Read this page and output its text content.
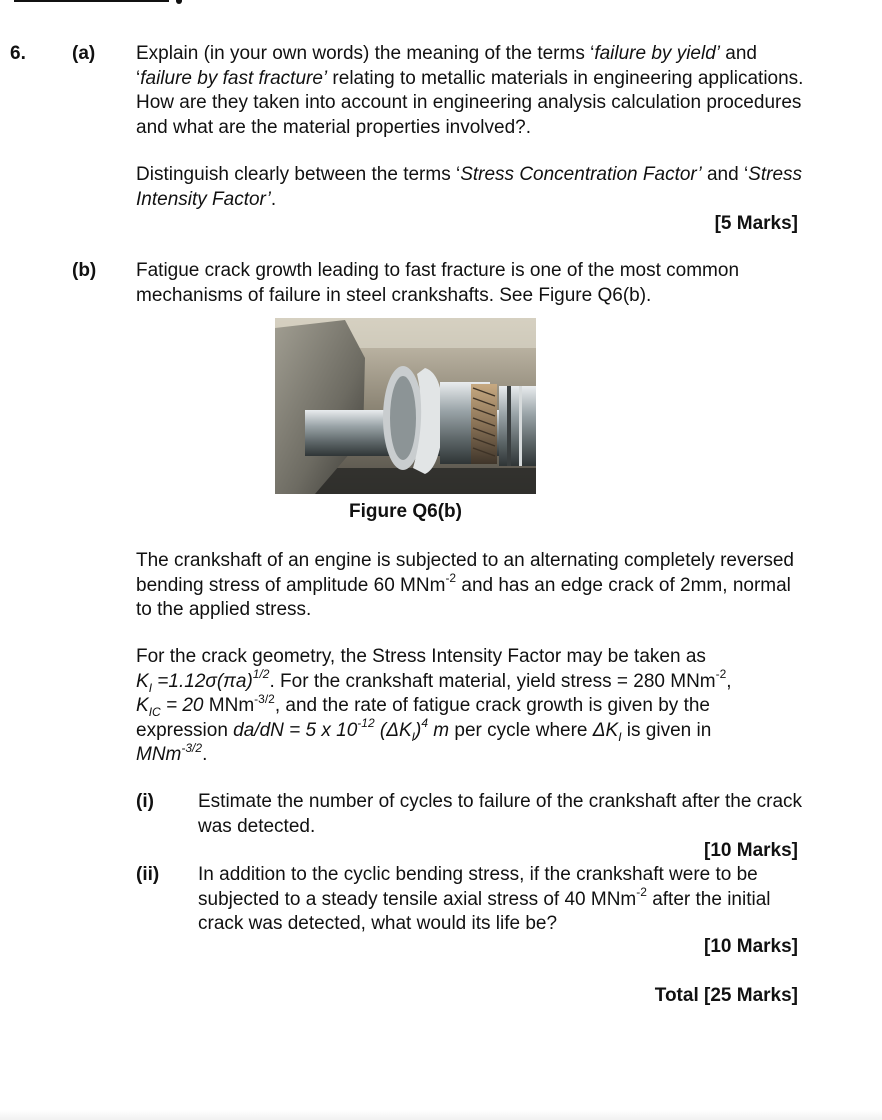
6. (a) Explain (in your own words) the meaning of the terms ‘failure by yield’ and ‘failure by fast fracture’ relating to metallic materials in engineering applications. How are they taken into account in engineering analysis calculation procedures and what are the material properties involved?.

Distinguish clearly between the terms ‘Stress Concentration Factor’ and ‘Stress Intensity Factor’.

[5 Marks]
(b) Fatigue crack growth leading to fast fracture is one of the most common mechanisms of failure in steel crankshafts. See Figure Q6(b).
Figure Q6(b)

The crankshaft of an engine is subjected to an alternating completely reversed bending stress of amplitude 60 MNm$^{-2}$ and has an edge crack of 2mm, normal to the applied stress.

For the crack geometry, the Stress Intensity Factor may be taken as
$K_I =1.12\sigma(\pi a)^{1/2}$. For the crankshaft material, yield stress = 280 MNm$^{-2}$,
$K_{IC} = 20$ MNm$^{-3/2}$, and the rate of fatigue crack growth is given by the expression da/dN = 5 x $10^{-12}$ $(\Delta K_I)^4$ m per cycle where $\Delta K_I$ is given in
MNm$^{-3/2}$.

(i) Estimate the number of cycles to failure of the crankshaft after the crack was detected.
[10 Marks]
(ii) In addition to the cyclic bending stress, if the crankshaft were to be subjected to a steady tensile axial stress of 40 MNm$^{-2}$ after the initial crack was detected, what would its life be?
[10 Marks]
Total [25 Marks]
